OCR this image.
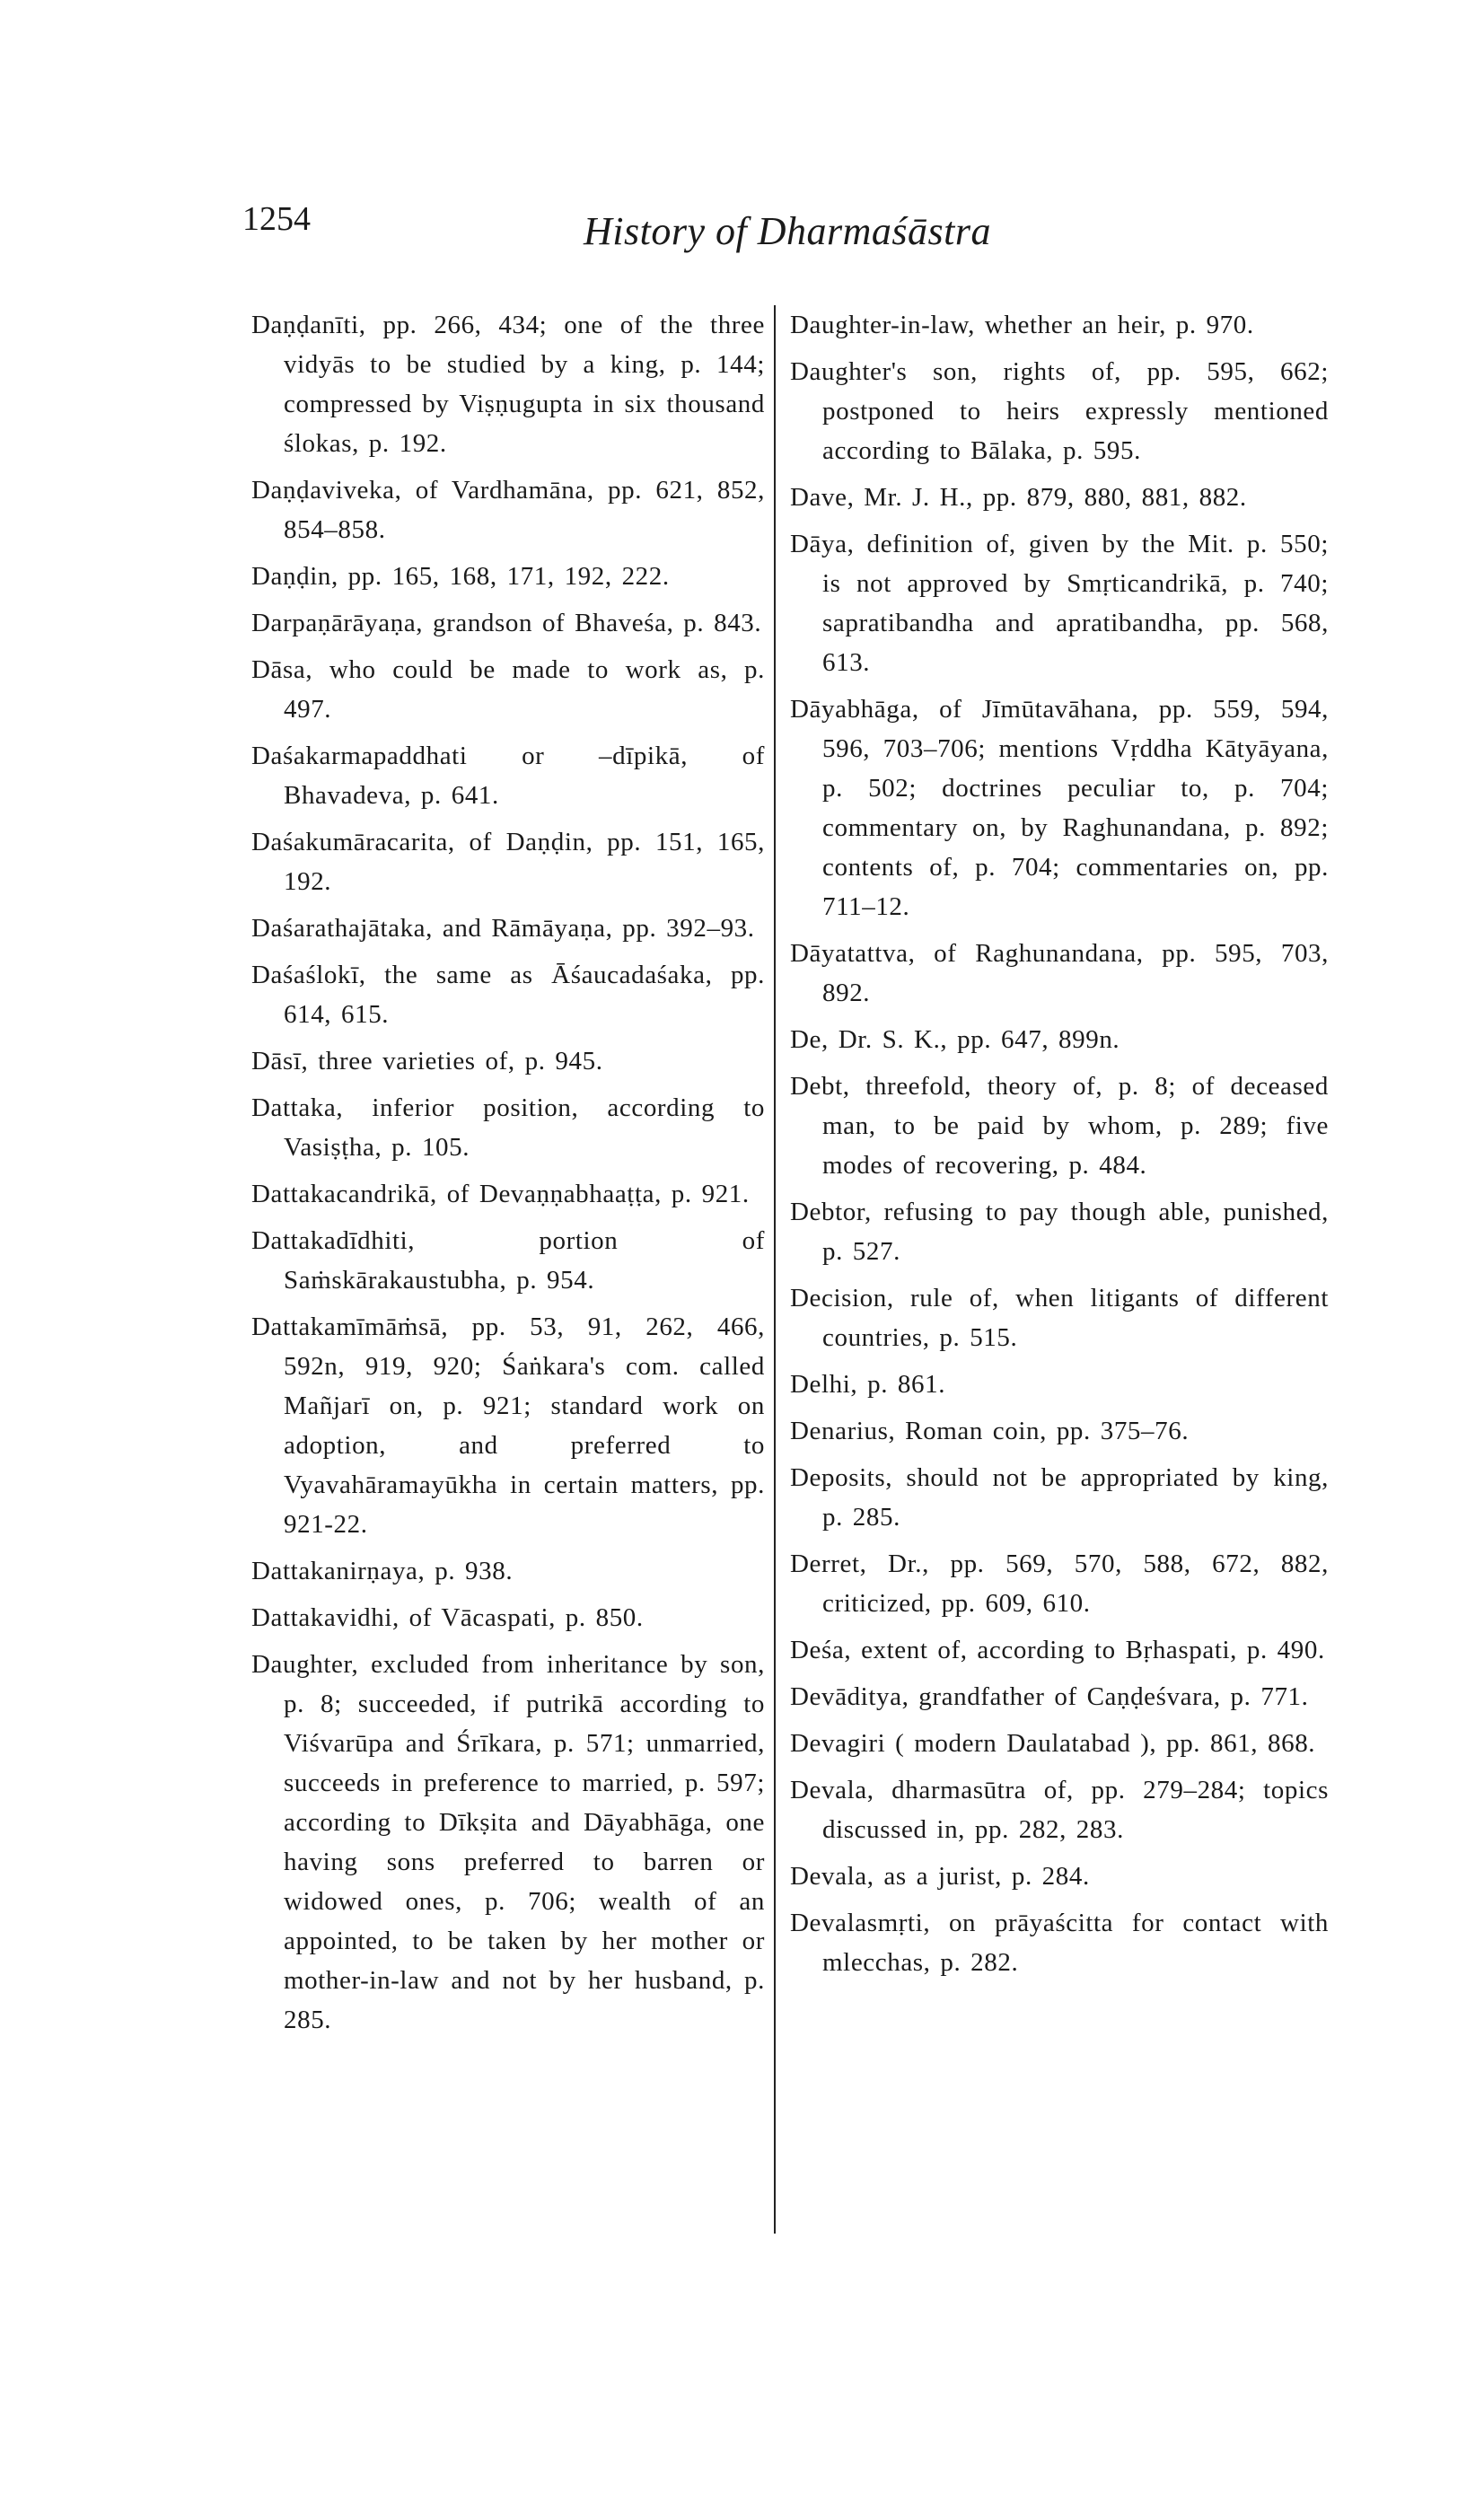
1254	History of Dharmaśāstra

Daṇḍanīti, pp. 266, 434; one of the three vidyās to be studied by a king, p. 144; compressed by Viṣṇugupta in six thousand ślokas, p. 192.

Daṇḍaviveka, of Vardhamāna, pp. 621, 852, 854–858.

Daṇḍin, pp. 165, 168, 171, 192, 222.

Darpaṇārāyaṇa, grandson of Bhaveśa, p. 843.

Dāsa, who could be made to work as, p. 497.

Daśakarmapaddhati or –dīpikā, of Bhavadeva, p. 641.

Daśakumāracarita, of Daṇḍin, pp. 151, 165, 192.

Daśarathajātaka, and Rāmāyaṇa, pp. 392–93.

Daśaślokī, the same as Āśaucadaśaka, pp. 614, 615.

Dāsī, three varieties of, p. 945.

Dattaka, inferior position, according to Vasiṣṭha, p. 105.

Dattakacandrikā, of Devaṇṇabhaaṭṭa, p. 921.

Dattakadīdhiti, portion of Saṁskārakaustubha, p. 954.

Dattakamīmāṁsā, pp. 53, 91, 262, 466, 592n, 919, 920; Śaṅkara's com. called Mañjarī on, p. 921; standard work on adoption, and preferred to Vyavahāramayūkha in certain matters, pp. 921-22.

Dattakanirṇaya, p. 938.

Dattakavidhi, of Vācaspati, p. 850.

Daughter, excluded from inheritance by son, p. 8; succeeded, if putrikā according to Viśvarūpa and Śrīkara, p. 571; unmarried, succeeds in preference to married, p. 597; according to Dīkṣita and Dāyabhāga, one having sons preferred to barren or widowed ones, p. 706; wealth of an appointed, to be taken by her mother or mother-in-law and not by her husband, p. 285.

Daughter-in-law, whether an heir, p. 970.

Daughter's son, rights of, pp. 595, 662; postponed to heirs expressly mentioned according to Bālaka, p. 595.

Dave, Mr. J. H., pp. 879, 880, 881, 882.

Dāya, definition of, given by the Mit. p. 550; is not approved by Smṛticandrikā, p. 740; sapratibandha and apratibandha, pp. 568, 613.

Dāyabhāga, of Jīmūtavāhana, pp. 559, 594, 596, 703–706; mentions Vṛddha Kātyāyana, p. 502; doctrines peculiar to, p. 704; commentary on, by Raghunandana, p. 892; contents of, p. 704; commentaries on, pp. 711–12.

Dāyatattva, of Raghunandana, pp. 595, 703, 892.

De, Dr. S. K., pp. 647, 899n.

Debt, threefold, theory of, p. 8; of deceased man, to be paid by whom, p. 289; five modes of recovering, p. 484.

Debtor, refusing to pay though able, punished, p. 527.

Decision, rule of, when litigants of different countries, p. 515.

Delhi, p. 861.

Denarius, Roman coin, pp. 375–76.

Deposits, should not be appropriated by king, p. 285.

Derret, Dr., pp. 569, 570, 588, 672, 882, criticized, pp. 609, 610.

Deśa, extent of, according to Bṛhaspati, p. 490.

Devāditya, grandfather of Caṇḍeśvara, p. 771.

Devagiri ( modern Daulatabad ), pp. 861, 868.

Devala, dharmasūtra of, pp. 279–284; topics discussed in, pp. 282, 283.

Devala, as a jurist, p. 284.

Devalasmṛti, on prāyaścitta for contact with mlecchas, p. 282.
